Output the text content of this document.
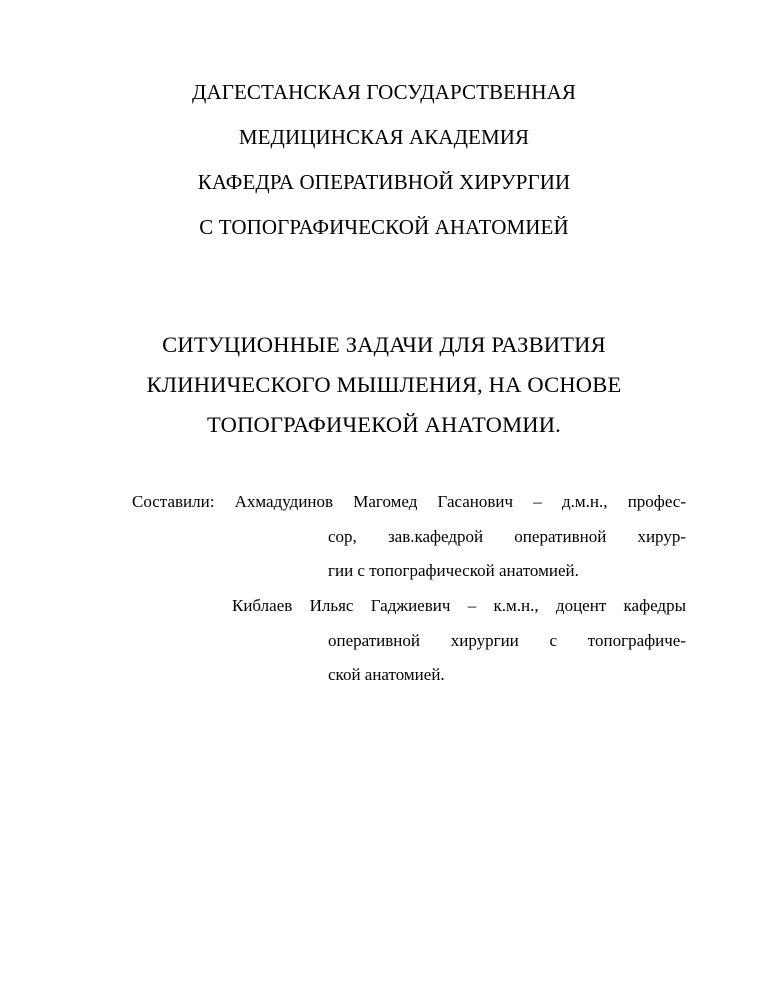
ДАГЕСТАНСКАЯ ГОСУДАРСТВЕННАЯ
МЕДИЦИНСКАЯ АКАДЕМИЯ
КАФЕДРА ОПЕРАТИВНОЙ ХИРУРГИИ
С ТОПОГРАФИЧЕСКОЙ АНАТОМИЕЙ
СИТУЦИОННЫЕ ЗАДАЧИ ДЛЯ РАЗВИТИЯ
КЛИНИЧЕСКОГО МЫШЛЕНИЯ, НА ОСНОВЕ
ТОПОГРАФИЧЕКОЙ АНАТОМИИ.
Составили: Ахмадудинов Магомед Гасанович – д.м.н., профес-
сор, зав.кафедрой оперативной хирур-
гии с топографической анатомией.
Киблаев Ильяс Гаджиевич – к.м.н., доцент кафедры
оперативной хирургии с топографиче-
ской анатомией.
